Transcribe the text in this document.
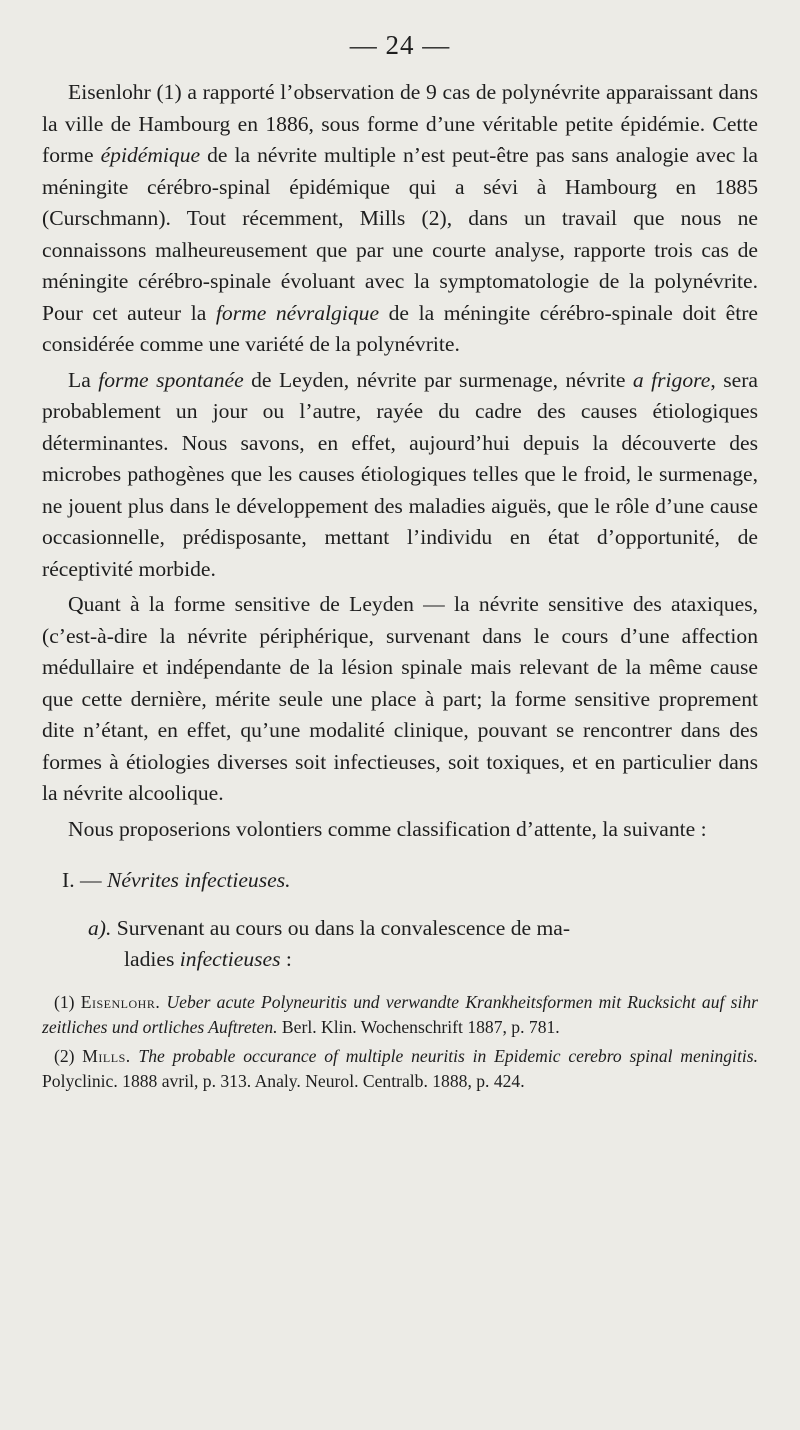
— 24 —

Eisenlohr (1) a rapporté l’observation de 9 cas de polynévrite apparaissant dans la ville de Hambourg en 1886, sous forme d’une véritable petite épidémie. Cette forme épidémique de la névrite multiple n’est peut-être pas sans analogie avec la méningite cérébro-spinal épidémique qui a sévi à Hambourg en 1885 (Curschmann). Tout récemment, Mills (2), dans un travail que nous ne connaissons malheureusement que par une courte analyse, rapporte trois cas de méningite cérébro-spinale évoluant avec la symptomatologie de la polynévrite. Pour cet auteur la forme névralgique de la méningite cérébro-spinale doit être considérée comme une variété de la polynévrite.

La forme spontanée de Leyden, névrite par surmenage, névrite a frigore, sera probablement un jour ou l’autre, rayée du cadre des causes étiologiques déterminantes. Nous savons, en effet, aujourd’hui depuis la découverte des microbes pathogènes que les causes étiologiques telles que le froid, le surmenage, ne jouent plus dans le développement des maladies aiguës, que le rôle d’une cause occasionnelle, prédisposante, mettant l’individu en état d’opportunité, de réceptivité morbide.

Quant à la forme sensitive de Leyden — la névrite sensitive des ataxiques, (c’est-à-dire la névrite périphérique, survenant dans le cours d’une affection médullaire et indépendante de la lésion spinale mais relevant de la même cause que cette dernière, mérite seule une place à part; la forme sensitive proprement dite n’étant, en effet, qu’une modalité clinique, pouvant se rencontrer dans des formes à étiologies diverses soit infectieuses, soit toxiques, et en particulier dans la névrite alcoolique.

Nous proposerions volontiers comme classification d’attente, la suivante :

I. — Névrites infectieuses.
a). Survenant au cours ou dans la convalescence de ma-
ladies infectieuses :

(1) Eisenlohr. Ueber acute Polyneuritis und verwandte Krankheitsformen mit Rucksicht auf sihr zeitliches und ortliches Auftreten. Berl. Klin. Wochenschrift 1887, p. 781.

(2) Mills. The probable occurance of multiple neuritis in Epidemic cerebro spinal meningitis. Polyclinic. 1888 avril, p. 313. Analy. Neurol. Centralb. 1888, p. 424.
